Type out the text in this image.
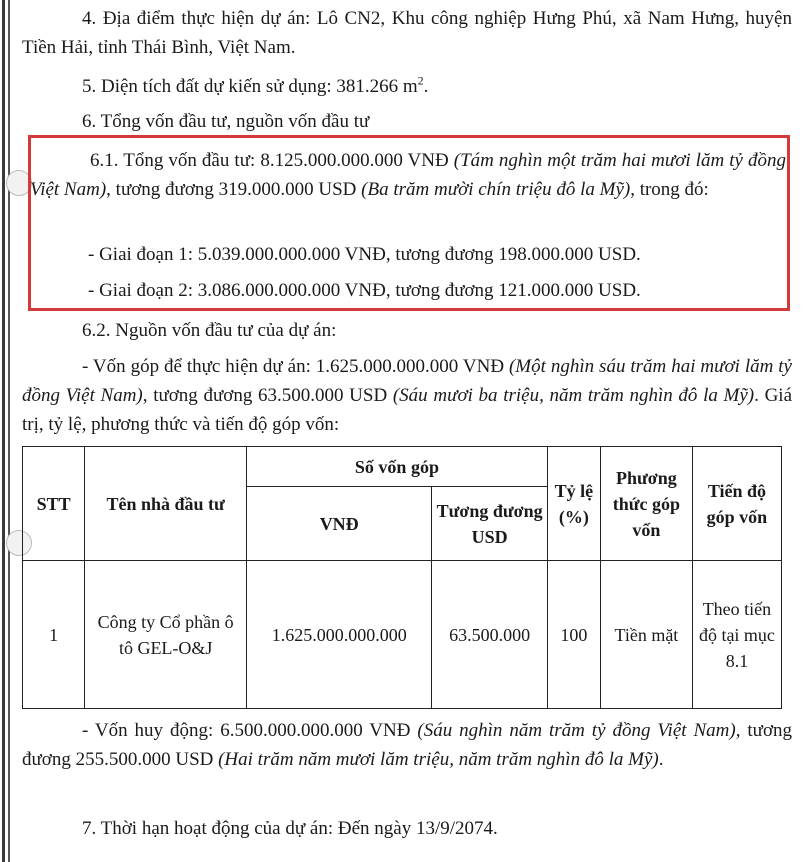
4. Địa điểm thực hiện dự án: Lô CN2, Khu công nghiệp Hưng Phú, xã Nam Hưng, huyện Tiền Hải, tỉnh Thái Bình, Việt Nam.

5. Diện tích đất dự kiến sử dụng: 381.266 $m^2$.

6. Tổng vốn đầu tư, nguồn vốn đầu tư

6.1. Tổng vốn đầu tư: 8.125.000.000.000 VNĐ (Tám nghìn một trăm hai mươi lăm tỷ đồng Việt Nam), tương đương 319.000.000 USD (Ba trăm mười chín triệu đô la Mỹ), trong đó:

- Giai đoạn 1: 5.039.000.000.000 VNĐ, tương đương 198.000.000 USD.

- Giai đoạn 2: 3.086.000.000.000 VNĐ, tương đương 121.000.000 USD.

6.2. Nguồn vốn đầu tư của dự án:

- Vốn góp để thực hiện dự án: 1.625.000.000.000 VNĐ (Một nghìn sáu trăm hai mươi lăm tỷ đồng Việt Nam), tương đương 63.500.000 USD (Sáu mươi ba triệu, năm trăm nghìn đô la Mỹ). Giá trị, tỷ lệ, phương thức và tiến độ góp vốn:

STT	Tên nhà đầu tư	Số vốn góp		Tỷ lệ (%)	Phương thức góp vốn	Tiến độ góp vốn
		VNĐ	Tương đương USD			
1	Công ty Cổ phần ô tô GEL-O&J	1.625.000.000.000	63.500.000	100	Tiền mặt	Theo tiến độ tại mục 8.1

- Vốn huy động: 6.500.000.000.000 VNĐ (Sáu nghìn năm trăm tỷ đồng Việt Nam), tương đương 255.500.000 USD (Hai trăm năm mươi lăm triệu, năm trăm nghìn đô la Mỹ).

7. Thời hạn hoạt động của dự án: Đến ngày 13/9/2074.
